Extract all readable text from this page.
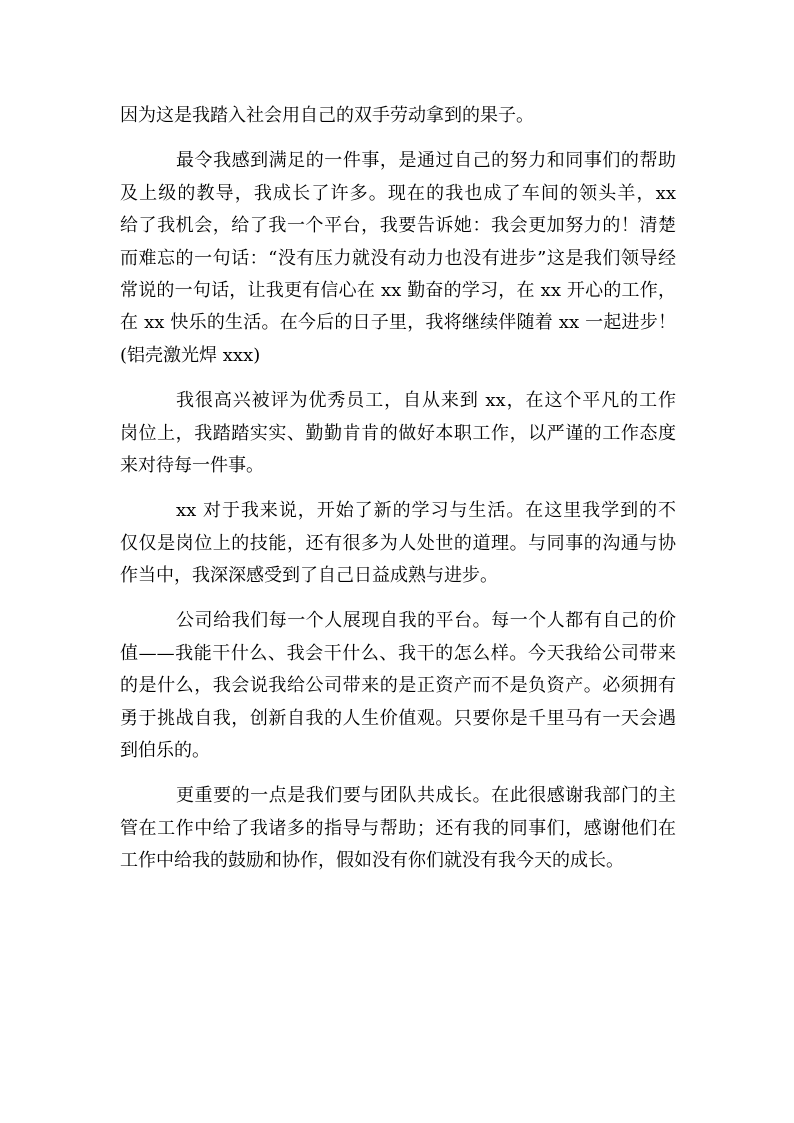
因为这是我踏入社会用自己的双手劳动拿到的果子。
最令我感到满足的一件事，是通过自己的努力和同事们的帮助
及上级的教导，我成长了许多。现在的我也成了车间的领头羊，xx
给了我机会，给了我一个平台，我要告诉她：我会更加努力的！清楚
而难忘的一句话：“没有压力就没有动力也没有进步”这是我们领导经
常说的一句话，让我更有信心在 xx 勤奋的学习，在 xx 开心的工作，
在 xx 快乐的生活。在今后的日子里，我将继续伴随着 xx 一起进步！
(铝壳激光焊 xxx)
我很高兴被评为优秀员工，自从来到 xx，在这个平凡的工作
岗位上，我踏踏实实、勤勤肯肯的做好本职工作，以严谨的工作态度
来对待每一件事。
xx 对于我来说，开始了新的学习与生活。在这里我学到的不
仅仅是岗位上的技能，还有很多为人处世的道理。与同事的沟通与协
作当中，我深深感受到了自己日益成熟与进步。
公司给我们每一个人展现自我的平台。每一个人都有自己的价
值——我能干什么、我会干什么、我干的怎么样。今天我给公司带来
的是什么，我会说我给公司带来的是正资产而不是负资产。必须拥有
勇于挑战自我，创新自我的人生价值观。只要你是千里马有一天会遇
到伯乐的。
更重要的一点是我们要与团队共成长。在此很感谢我部门的主
管在工作中给了我诸多的指导与帮助；还有我的同事们，感谢他们在
工作中给我的鼓励和协作，假如没有你们就没有我今天的成长。
